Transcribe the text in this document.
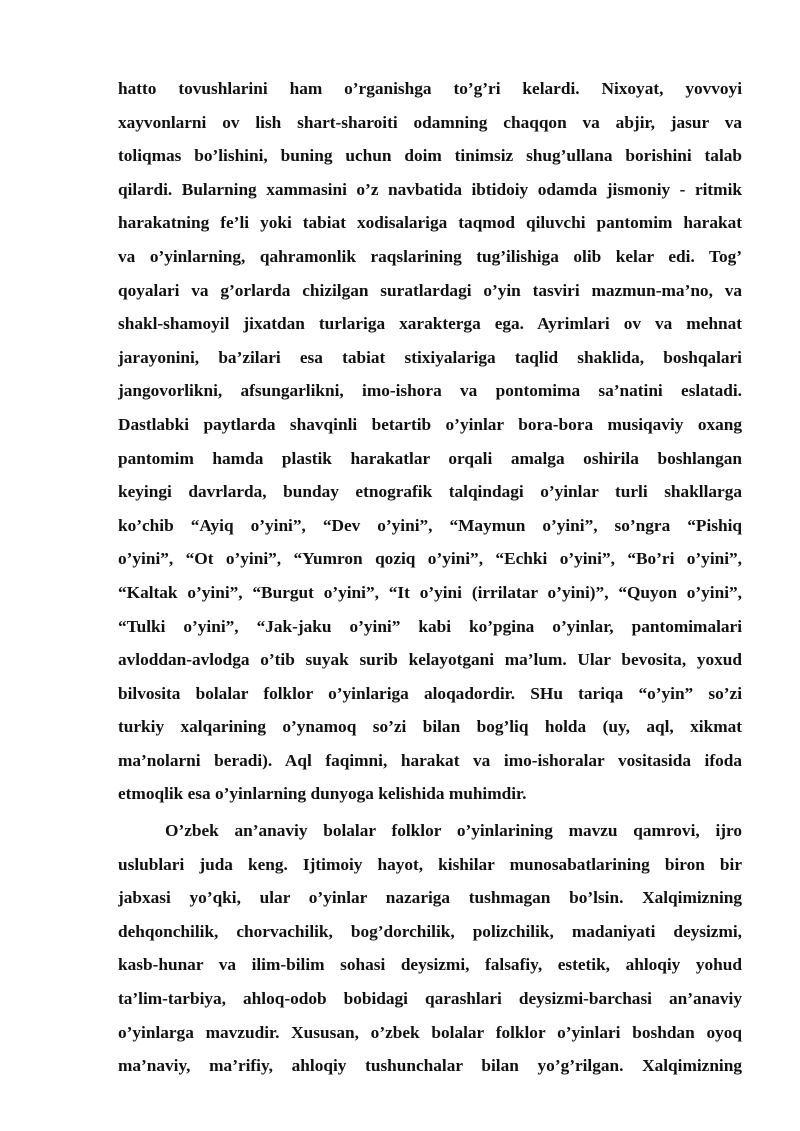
hatto tovushlarini ham o’rganishga to’g’ri kelardi. Nixoyat, yovvoyi
xayvonlarni ov lish shart-sharoiti odamning chaqqon va abjir, jasur va
toliqmas bo’lishini, buning uchun doim tinimsiz shug’ullana borishini talab
qilardi. Bularning xammasini o’z navbatida ibtidoiy odamda jismoniy - ritmik
harakatning fe’li yoki tabiat xodisalariga taqmod qiluvchi pantomim harakat
va o’yinlarning, qahramonlik raqslarining tug’ilishiga olib kelar edi. Tog’
qoyalari va g’orlarda chizilgan suratlardagi o’yin tasviri mazmun-ma’no, va
shakl-shamoyil jixatdan turlariga xarakterga ega. Ayrimlari ov va mehnat
jarayonini, ba’zilari esa tabiat stixiyalariga taqlid shaklida, boshqalari
jangovorlikni, afsungarlikni, imo-ishora va pontomima sa’natini eslatadi.
Dastlabki paytlarda shavqinli betartib o’yinlar bora-bora musiqaviy oxang
pantomim hamda plastik harakatlar orqali amalga oshirila boshlangan
keyingi davrlarda, bunday etnografik talqindagi o’yinlar turli shakllarga
ko’chib “Ayiq o’yini”, “Dev o’yini”, “Maymun o’yini”, so’ngra “Pishiq
o’yini”, “Ot o’yini”, “Yumron qoziq o’yini”, “Echki o’yini”, “Bo’ri o’yini”,
“Kaltak o’yini”, “Burgut o’yini”, “It o’yini (irrilatar o’yini)”, “Quyon o’yini”,
“Tulki o’yini”, “Jak-jaku o’yini” kabi ko’pgina o’yinlar, pantomimalari
avloddan-avlodga o’tib suyak surib kelayotgani ma’lum. Ular bevosita, yoxud
bilvosita bolalar folklor o’yinlariga aloqadordir. SHu tariqa “o’yin” so’zi
turkiy xalqarining o’ynamoq so’zi bilan bog’liq holda (uy, aql, xikmat
ma’nolarni beradi). Aql faqimni, harakat va imo-ishoralar vositasida ifoda
etmoqlik esa o’yinlarning dunyoga kelishida muhimdir.
O’zbek an’anaviy bolalar folklor o’yinlarining mavzu qamrovi, ijro
uslublari juda keng. Ijtimoiy hayot, kishilar munosabatlarining biron bir
jabxasi yo’qki, ular o’yinlar nazariga tushmagan bo’lsin. Xalqimizning
dehqonchilik, chorvachilik, bog’dorchilik, polizchilik, madaniyati deysizmi,
kasb-hunar va ilim-bilim sohasi deysizmi, falsafiy, estetik, ahloqiy yohud
ta’lim-tarbiya, ahloq-odob bobidagi qarashlari deysizmi-barchasi an’anaviy
o’yinlarga mavzudir. Xususan, o’zbek bolalar folklor o’yinlari boshdan oyoq
ma’naviy, ma’rifiy, ahloqiy tushunchalar bilan yo’g’rilgan. Xalqimizning
